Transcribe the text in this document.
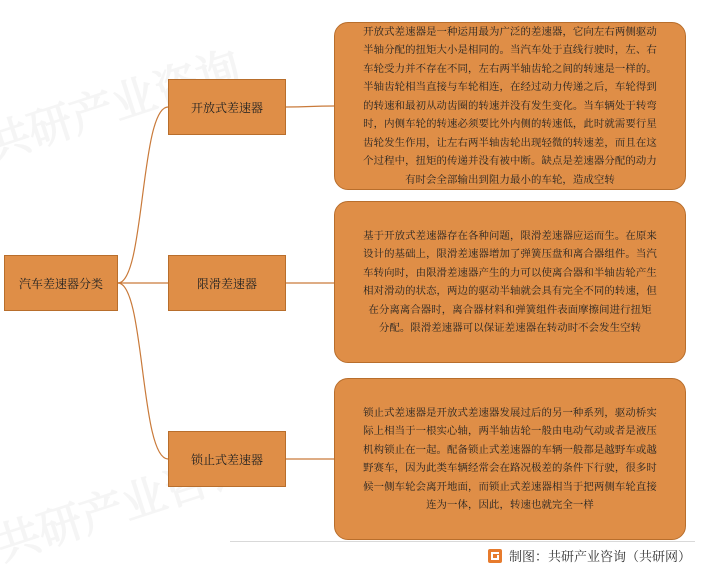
汽车差速器分类
开放式差速器
限滑差速器
锁止式差速器
开放式差速器是一种运用最为广泛的差速器，它向左右两侧驱动
半轴分配的扭矩大小是相同的。当汽车处于直线行驶时，左、右
车轮受力并不存在不同，左右两半轴齿轮之间的转速是一样的。
半轴齿轮相当直接与车轮相连，在经过动力传递之后，车轮得到
的转速和最初从动齿圈的转速并没有发生变化。当车辆处于转弯
时，内侧车轮的转速必须要比外内侧的转速低，此时就需要行星
齿轮发生作用，让左右两半轴齿轮出现轻微的转速差，而且在这
个过程中，扭矩的传递并没有被中断。缺点是差速器分配的动力
有时会全部输出到阻力最小的车轮，造成空转
基于开放式差速器存在各种问题，限滑差速器应运而生。在原来
设计的基础上，限滑差速器增加了弹簧压盘和离合器组件。当汽
车转向时，由限滑差速器产生的力可以使离合器和半轴齿轮产生
相对滑动的状态，两边的驱动半轴就会具有完全不同的转速，但
在分离离合器时，离合器材料和弹簧组件表面摩擦间进行扭矩
分配。限滑差速器可以保证差速器在转动时不会发生空转
锁止式差速器是开放式差速器发展过后的另一种系列，驱动桥实
际上相当于一根实心轴，两半轴齿轮一般由电动气动或者是液压
机构锁止在一起。配备锁止式差速器的车辆一般都是越野车或越
野赛车，因为此类车辆经常会在路况极差的条件下行驶，很多时
候一侧车轮会离开地面，而锁止式差速器相当于把两侧车轮直接
连为一体，因此，转速也就完全一样
制图：共研产业咨询（共研网）
